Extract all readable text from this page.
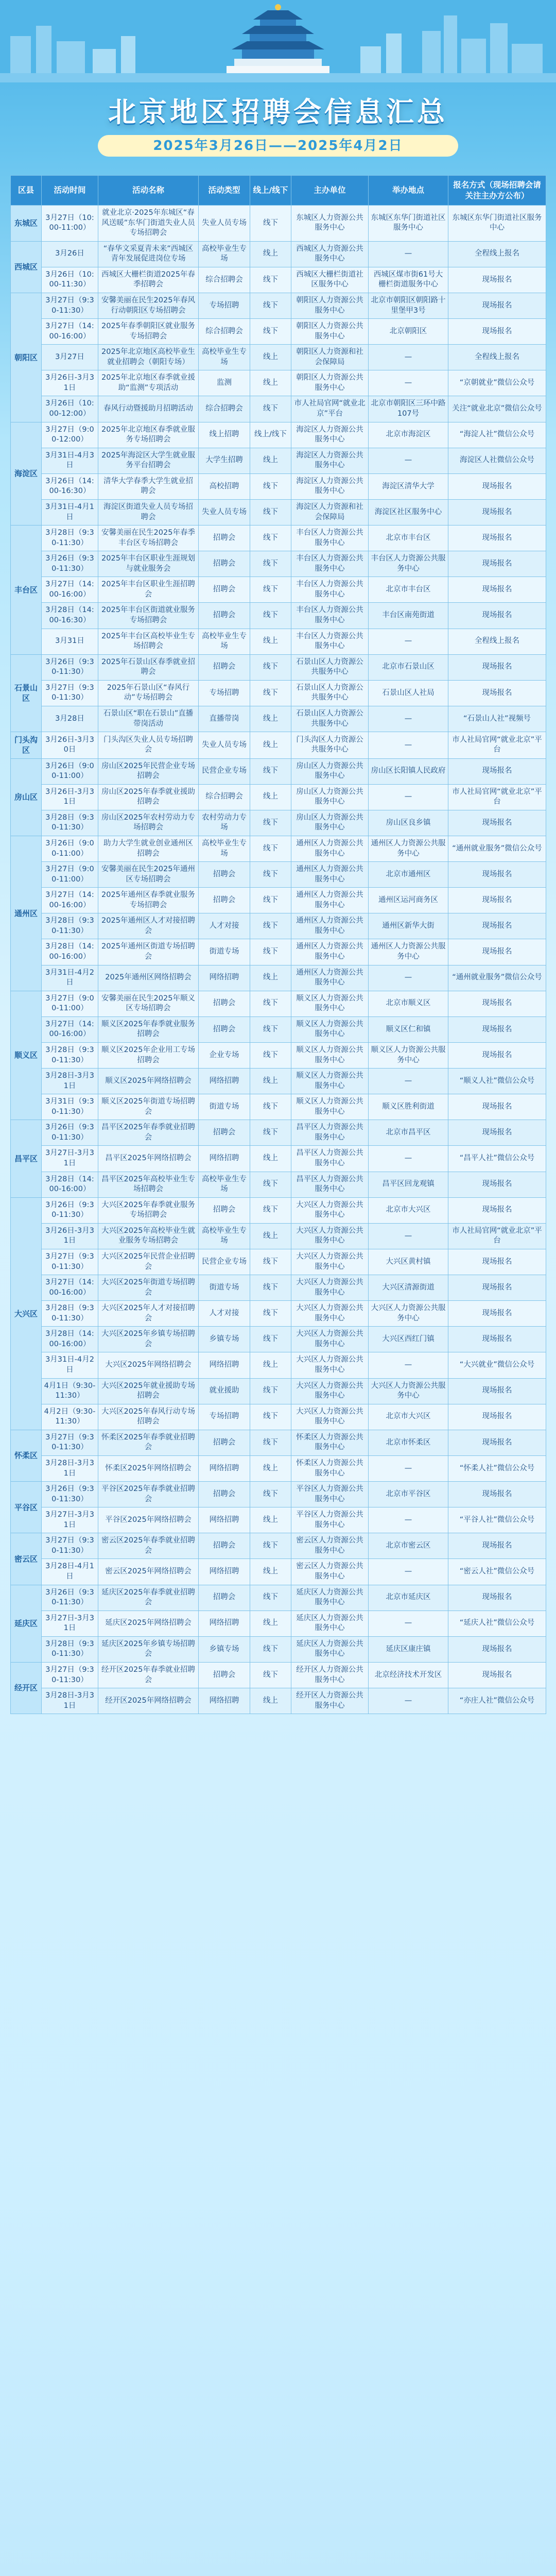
北京地区招聘会信息汇总
2025年3月26日——2025年4月2日
区县	活动时间	活动名称	活动类型	线上/线下	主办单位	举办地点	报名方式（现场招聘会请关注主办方公布）
东城区	3月27日（10:00-11:00）	就业北京·2025年东城区“春风送暖”东华门街道失业人员专场招聘会	失业人员专场	线下	东城区人力资源公共服务中心	东城区东华门街道社区服务中心	东城区东华门街道社区服务中心
西城区	3月26日	“春华文采夏青未来”西城区青年发展促进岗位专场	高校毕业生专场	线上	西城区人力资源公共服务中心	—	全程线上报名
	3月26日（10:00-11:30）	西城区大栅栏街道2025年春季招聘会	综合招聘会	线下	西城区大栅栏街道社区服务中心	西城区煤市街61号大栅栏街道服务中心	现场报名
朝阳区	3月27日（9:30-11:30）	安馨美丽在民生2025年春风行动朝阳区专场招聘会	专场招聘	线下	朝阳区人力资源公共服务中心	北京市朝阳区朝阳路十里堡甲3号	现场报名
	3月27日（14:00-16:00）	2025年春季朝阳区就业服务专场招聘会	综合招聘会	线下	朝阳区人力资源公共服务中心	北京朝阳区	现场报名
	3月27日	2025年北京地区高校毕业生就业招聘会（朝阳专场）	高校毕业生专场	线上	朝阳区人力资源和社会保障局	—	全程线上报名
	3月26日-3月31日	2025年北京地区春季就业援助“监测”专项活动	监测	线上	朝阳区人力资源公共服务中心	—	“京朝就业”微信公众号
	3月26日（10:00-12:00）	春风行动暨援助月招聘活动	综合招聘会	线下	市人社局官网“就业北京”平台	北京市朝阳区三环中路107号	关注“就业北京”微信公众号
海淀区	3月27日（9:00-12:00）	2025年北京地区春季就业服务专场招聘会	线上招聘	线上/线下	海淀区人力资源公共服务中心	北京市海淀区	“海淀人社”微信公众号
	3月31日-4月3日	2025年海淀区大学生就业服务平台招聘会	大学生招聘	线上	海淀区人力资源公共服务中心	—	海淀区人社微信公众号
	3月26日（14:00-16:30）	清华大学春季大学生就业招聘会	高校招聘	线下	海淀区人力资源公共服务中心	海淀区清华大学	现场报名
	3月31日-4月1日	海淀区街道失业人员专场招聘会	失业人员专场	线下	海淀区人力资源和社会保障局	海淀区社区服务中心	现场报名
丰台区	3月28日（9:30-11:30）	安馨美丽在民生2025年春季丰台区专场招聘会	招聘会	线下	丰台区人力资源公共服务中心	北京市丰台区	现场报名
	3月26日（9:30-11:30）	2025年丰台区职业生涯规划与就业服务会	招聘会	线下	丰台区人力资源公共服务中心	丰台区人力资源公共服务中心	现场报名
	3月27日（14:00-16:00）	2025年丰台区职业生涯招聘会	招聘会	线下	丰台区人力资源公共服务中心	北京市丰台区	现场报名
	3月28日（14:00-16:30）	2025年丰台区街道就业服务专场招聘会	招聘会	线下	丰台区人力资源公共服务中心	丰台区南苑街道	现场报名
	3月31日	2025年丰台区高校毕业生专场招聘会	高校毕业生专场	线上	丰台区人力资源公共服务中心	—	全程线上报名
石景山区	3月26日（9:30-11:30）	2025年石景山区春季就业招聘会	招聘会	线下	石景山区人力资源公共服务中心	北京市石景山区	现场报名
	3月27日（9:30-11:30）	2025年石景山区“春风行动”专场招聘会	专场招聘	线下	石景山区人力资源公共服务中心	石景山区人社局	现场报名
	3月28日	石景山区“职在石景山”直播带岗活动	直播带岗	线上	石景山区人力资源公共服务中心	—	“石景山人社”视频号
门头沟区	3月26日-3月30日	门头沟区失业人员专场招聘会	失业人员专场	线上	门头沟区人力资源公共服务中心	—	市人社局官网“就业北京”平台
房山区	3月26日（9:00-11:00）	房山区2025年民营企业专场招聘会	民营企业专场	线下	房山区人力资源公共服务中心	房山区长阳镇人民政府	现场报名
	3月26日-3月31日	房山区2025年春季就业援助招聘会	综合招聘会	线上	房山区人力资源公共服务中心	—	市人社局官网“就业北京”平台
	3月28日（9:30-11:30）	房山区2025年农村劳动力专场招聘会	农村劳动力专场	线下	房山区人力资源公共服务中心	房山区良乡镇	现场报名
通州区	3月26日（9:00-11:00）	助力大学生就业创业通州区招聘会	高校毕业生专场	线下	通州区人力资源公共服务中心	通州区人力资源公共服务中心	“通州就业服务”微信公众号
	3月27日（9:00-11:00）	安馨美丽在民生2025年通州区专场招聘会	招聘会	线下	通州区人力资源公共服务中心	北京市通州区	现场报名
	3月27日（14:00-16:00）	2025年通州区春季就业服务专场招聘会	招聘会	线下	通州区人力资源公共服务中心	通州区运河商务区	现场报名
	3月28日（9:30-11:30）	2025年通州区人才对接招聘会	人才对接	线下	通州区人力资源公共服务中心	通州区新华大街	现场报名
	3月28日（14:00-16:00）	2025年通州区街道专场招聘会	街道专场	线下	通州区人力资源公共服务中心	通州区人力资源公共服务中心	现场报名
	3月31日-4月2日	2025年通州区网络招聘会	网络招聘	线上	通州区人力资源公共服务中心	—	“通州就业服务”微信公众号
顺义区	3月27日（9:00-11:00）	安馨美丽在民生2025年顺义区专场招聘会	招聘会	线下	顺义区人力资源公共服务中心	北京市顺义区	现场报名
	3月27日（14:00-16:00）	顺义区2025年春季就业服务招聘会	招聘会	线下	顺义区人力资源公共服务中心	顺义区仁和镇	现场报名
	3月28日（9:30-11:30）	顺义区2025年企业用工专场招聘会	企业专场	线下	顺义区人力资源公共服务中心	顺义区人力资源公共服务中心	现场报名
	3月28日-3月31日	顺义区2025年网络招聘会	网络招聘	线上	顺义区人力资源公共服务中心	—	“顺义人社”微信公众号
	3月31日（9:30-11:30）	顺义区2025年街道专场招聘会	街道专场	线下	顺义区人力资源公共服务中心	顺义区胜利街道	现场报名
昌平区	3月26日（9:30-11:30）	昌平区2025年春季就业招聘会	招聘会	线下	昌平区人力资源公共服务中心	北京市昌平区	现场报名
	3月27日-3月31日	昌平区2025年网络招聘会	网络招聘	线上	昌平区人力资源公共服务中心	—	“昌平人社”微信公众号
	3月28日（14:00-16:00）	昌平区2025年高校毕业生专场招聘会	高校毕业生专场	线下	昌平区人力资源公共服务中心	昌平区回龙观镇	现场报名
大兴区	3月26日（9:30-11:30）	大兴区2025年春季就业服务专场招聘会	招聘会	线下	大兴区人力资源公共服务中心	北京市大兴区	现场报名
	3月26日-3月31日	大兴区2025年高校毕业生就业服务专场招聘会	高校毕业生专场	线上	大兴区人力资源公共服务中心	—	市人社局官网“就业北京”平台
	3月27日（9:30-11:30）	大兴区2025年民营企业招聘会	民营企业专场	线下	大兴区人力资源公共服务中心	大兴区黄村镇	现场报名
	3月27日（14:00-16:00）	大兴区2025年街道专场招聘会	街道专场	线下	大兴区人力资源公共服务中心	大兴区清源街道	现场报名
	3月28日（9:30-11:30）	大兴区2025年人才对接招聘会	人才对接	线下	大兴区人力资源公共服务中心	大兴区人力资源公共服务中心	现场报名
	3月28日（14:00-16:00）	大兴区2025年乡镇专场招聘会	乡镇专场	线下	大兴区人力资源公共服务中心	大兴区西红门镇	现场报名
	3月31日-4月2日	大兴区2025年网络招聘会	网络招聘	线上	大兴区人力资源公共服务中心	—	“大兴就业”微信公众号
	4月1日（9:30-11:30）	大兴区2025年就业援助专场招聘会	就业援助	线下	大兴区人力资源公共服务中心	大兴区人力资源公共服务中心	现场报名
	4月2日（9:30-11:30）	大兴区2025年春风行动专场招聘会	专场招聘	线下	大兴区人力资源公共服务中心	北京市大兴区	现场报名
怀柔区	3月27日（9:30-11:30）	怀柔区2025年春季就业招聘会	招聘会	线下	怀柔区人力资源公共服务中心	北京市怀柔区	现场报名
	3月28日-3月31日	怀柔区2025年网络招聘会	网络招聘	线上	怀柔区人力资源公共服务中心	—	“怀柔人社”微信公众号
平谷区	3月26日（9:30-11:30）	平谷区2025年春季就业招聘会	招聘会	线下	平谷区人力资源公共服务中心	北京市平谷区	现场报名
	3月27日-3月31日	平谷区2025年网络招聘会	网络招聘	线上	平谷区人力资源公共服务中心	—	“平谷人社”微信公众号
密云区	3月27日（9:30-11:30）	密云区2025年春季就业招聘会	招聘会	线下	密云区人力资源公共服务中心	北京市密云区	现场报名
	3月28日-4月1日	密云区2025年网络招聘会	网络招聘	线上	密云区人力资源公共服务中心	—	“密云人社”微信公众号
延庆区	3月26日（9:30-11:30）	延庆区2025年春季就业招聘会	招聘会	线下	延庆区人力资源公共服务中心	北京市延庆区	现场报名
	3月27日-3月31日	延庆区2025年网络招聘会	网络招聘	线上	延庆区人力资源公共服务中心	—	“延庆人社”微信公众号
	3月28日（9:30-11:30）	延庆区2025年乡镇专场招聘会	乡镇专场	线下	延庆区人力资源公共服务中心	延庆区康庄镇	现场报名
经开区	3月27日（9:30-11:30）	经开区2025年春季就业招聘会	招聘会	线下	经开区人力资源公共服务中心	北京经济技术开发区	现场报名
	3月28日-3月31日	经开区2025年网络招聘会	网络招聘	线上	经开区人力资源公共服务中心	—	“亦庄人社”微信公众号
